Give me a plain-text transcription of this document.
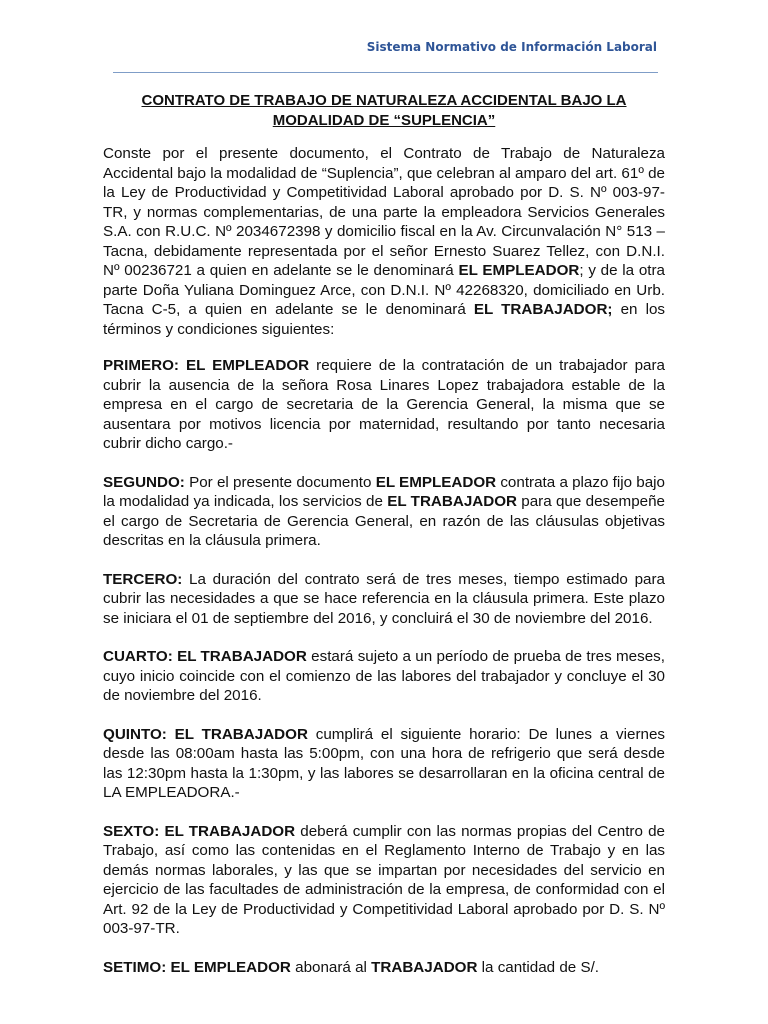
Sistema Normativo de Información Laboral
CONTRATO DE TRABAJO DE NATURALEZA ACCIDENTAL BAJO LA
MODALIDAD DE “SUPLENCIA”

Conste por el presente documento, el Contrato de Trabajo de Naturaleza Accidental bajo la modalidad de “Suplencia”, que celebran al amparo del art. 61º de la Ley de Productividad y Competitividad Laboral aprobado por D. S. Nº 003-97-TR, y normas complementarias, de una parte la empleadora Servicios Generales S.A. con R.U.C. Nº 2034672398 y domicilio fiscal en la Av. Circunvalación N° 513 – Tacna, debidamente representada por el señor Ernesto Suarez Tellez, con D.N.I. Nº 00236721 a quien en adelante se le denominará EL EMPLEADOR; y de la otra parte Doña Yuliana Dominguez Arce, con D.N.I. Nº 42268320, domiciliado en Urb. Tacna C-5, a quien en adelante se le denominará EL TRABAJADOR; en los términos y condiciones siguientes:

PRIMERO: EL EMPLEADOR requiere de la contratación de un trabajador para cubrir la ausencia de la señora Rosa Linares Lopez trabajadora estable de la empresa en el cargo de secretaria de la Gerencia General, la misma que se ausentara por motivos licencia por maternidad, resultando por tanto necesaria cubrir dicho cargo.-

SEGUNDO: Por el presente documento EL EMPLEADOR contrata a plazo fijo bajo la modalidad ya indicada, los servicios de EL TRABAJADOR para que desempeñe el cargo de Secretaria de Gerencia General, en razón de las cláusulas objetivas descritas en la cláusula primera.

TERCERO: La duración del contrato será de tres meses, tiempo estimado para cubrir las necesidades a que se hace referencia en la cláusula primera. Este plazo se iniciara el 01 de septiembre del 2016, y concluirá el 30 de noviembre del 2016.

CUARTO: EL TRABAJADOR estará sujeto a un período de prueba de tres meses, cuyo inicio coincide con el comienzo de las labores del trabajador y concluye el 30 de noviembre del 2016.

QUINTO: EL TRABAJADOR cumplirá el siguiente horario: De lunes a viernes desde las 08:00am hasta las 5:00pm, con una hora de refrigerio que será desde las 12:30pm hasta la 1:30pm, y las labores se desarrollaran en la oficina central de LA EMPLEADORA.-

SEXTO: EL TRABAJADOR deberá cumplir con las normas propias del Centro de Trabajo, así como las contenidas en el Reglamento Interno de Trabajo y en las demás normas laborales, y las que se impartan por necesidades del servicio en ejercicio de las facultades de administración de la empresa, de conformidad con el Art. 92 de la Ley de Productividad y Competitividad Laboral aprobado por D. S. Nº 003-97-TR.

SETIMO: EL EMPLEADOR abonará al TRABAJADOR la cantidad de S/.
